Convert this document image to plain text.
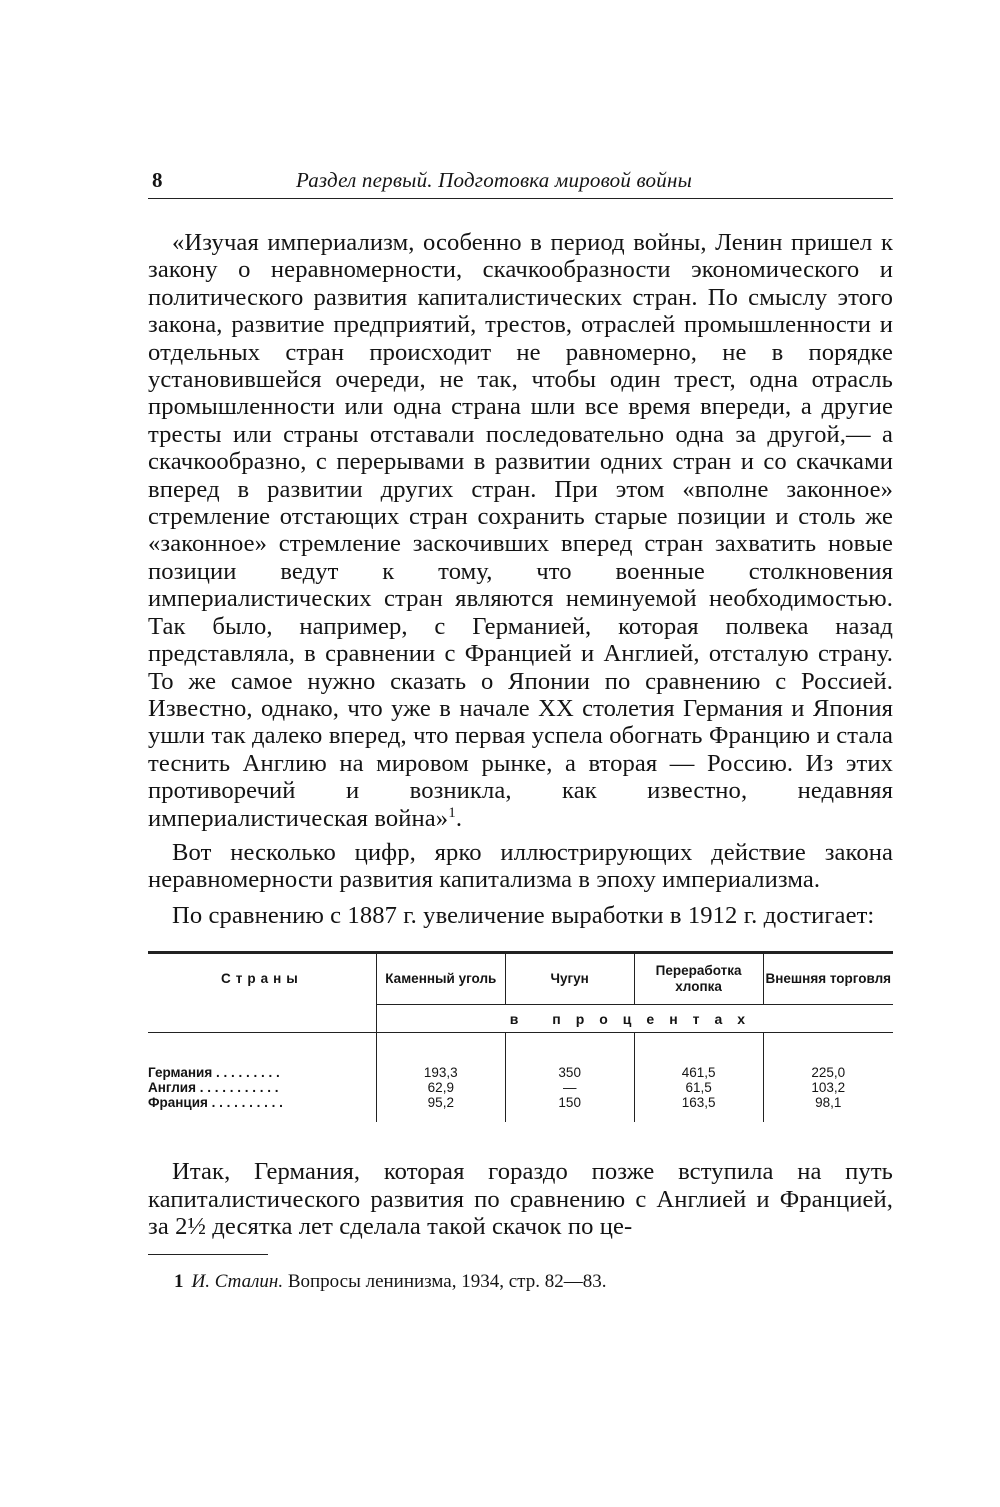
8	Раздел первый. Подготовка мировой войны

«Изучая империализм, особенно в период войны, Ленин пришел к закону о неравномерности, скачкообразности экономического и политического развития капиталистических стран. По смыслу этого закона, развитие предприятий, трестов, отраслей промышленности и отдельных стран происходит не равномерно, не в порядке установившейся очереди, не так, чтобы один трест, одна отрасль промышленности или одна страна шли все время впереди, а другие тресты или страны отставали последовательно одна за другой,— а скачкообразно, с перерывами в развитии одних стран и со скачками вперед в развитии других стран. При этом «вполне законное» стремление отстающих стран сохранить старые позиции и столь же «законное» стремление заскочивших вперед стран захватить новые позиции ведут к тому, что военные столкновения империалистических стран являются неминуемой необходимостью. Так было, например, с Германией, которая полвека назад представляла, в сравнении с Францией и Англией, отсталую страну. То же самое нужно сказать о Японии по сравнению с Россией. Известно, однако, что уже в начале XX столетия Германия и Япония ушли так далеко вперед, что первая успела обогнать Францию и стала теснить Англию на мировом рынке, а вторая — Россию. Из этих противоречий и возникла, как известно, недавняя империалистическая война»$^1$.

Вот несколько цифр, ярко иллюстрирующих действие закона неравномерности развития капитализма в эпоху империализма.

По сравнению с 1887 г. увеличение выработки в 1912 г. достигает:

Страны	Каменный уголь	Чугун	Переработка хлопка	Внешняя торговля
	в процентах			

Германия . . . . . . . . .	193,3	350	461,5	225,0
Англия . . . . . . . . . . .	62,9	—	61,5	103,2
Франция . . . . . . . . . .	95,2	150	163,5	98,1

Итак, Германия, которая гораздо позже вступила на путь капиталистического развития по сравнению с Англией и Францией, за 2½ десятка лет сделала такой скачок по це-

1 И. Сталин. Вопросы ленинизма, 1934, стр. 82—83.
